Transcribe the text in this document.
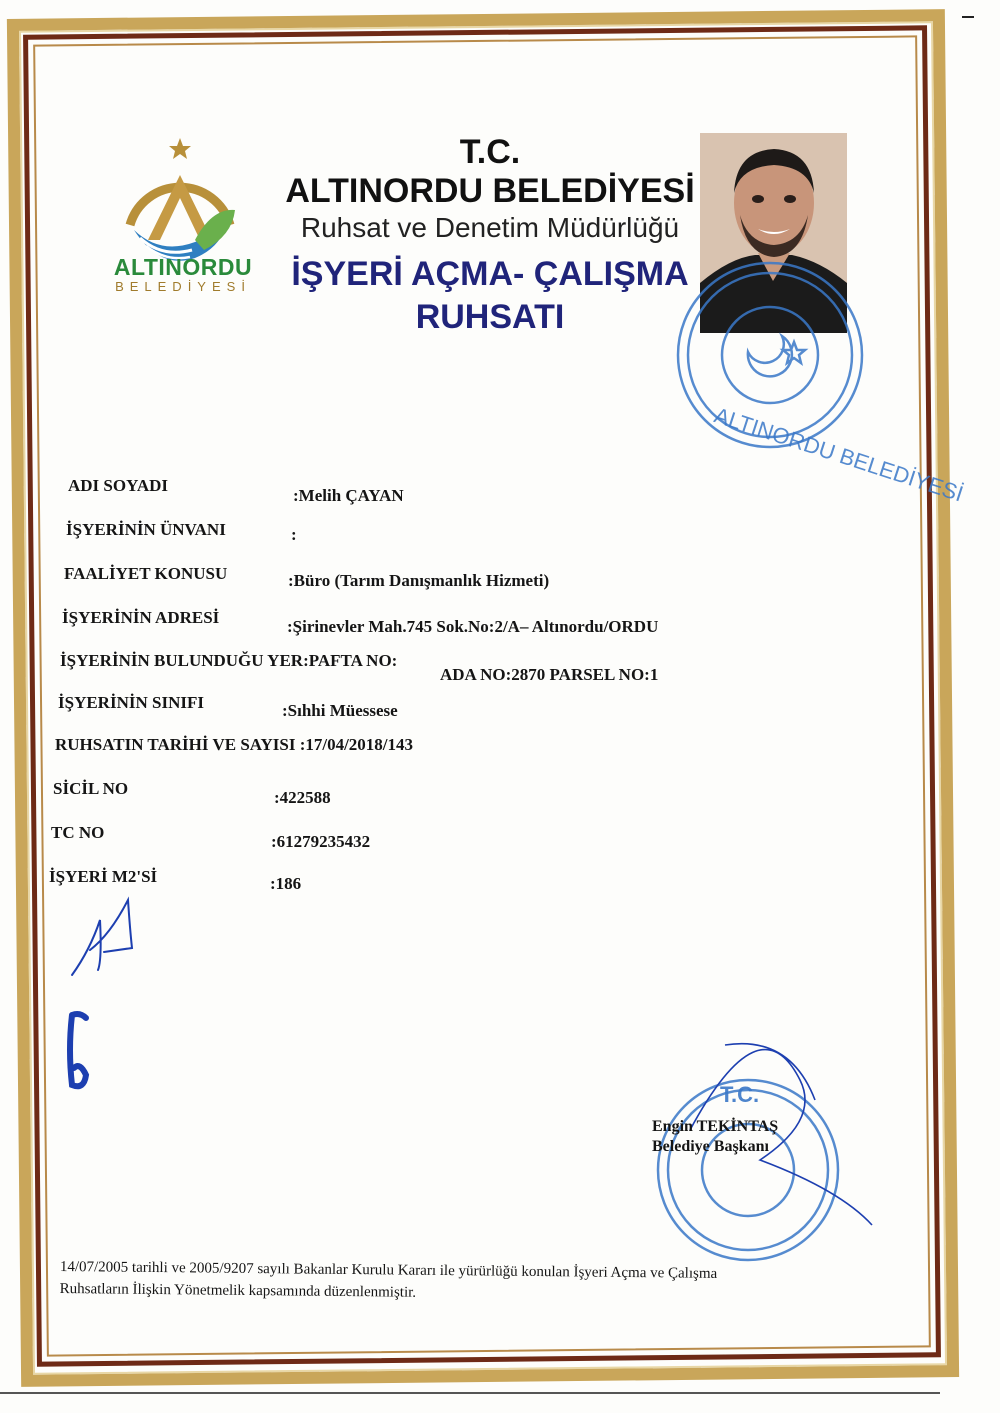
ALTINORDU
BELEDİYESİ
T.C.
ALTINORDU BELEDİYESİ
Ruhsat ve Denetim Müdürlüğü
İŞYERİ AÇMA- ÇALIŞMA
RUHSATI
ALTINORDU BELEDİYESİ
ADI SOYADI
:Melih ÇAYAN
İŞYERİNİN ÜNVANI	:
FAALİYET KONUSU	:Büro (Tarım Danışmanlık Hizmeti)
İŞYERİNİN ADRESİ	:Şirinevler Mah.745 Sok.No:2/A– Altınordu/ORDU
İŞYERİNİN BULUNDUĞU YER:PAFTA NO:
ADA NO:2870 PARSEL NO:1
İŞYERİNİN SINIFI	:Sıhhi Müessese
RUHSATIN TARİHİ VE SAYISI :17/04/2018/143
SİCİL NO	:422588
TC NO	:61279235432
İŞYERİ M2'Sİ	:186
T.C.
Engin TEKİNTAŞ
Belediye Başkanı
14/07/2005 tarihli ve 2005/9207 sayılı Bakanlar Kurulu Kararı ile yürürlüğü konulan İşyeri Açma ve Çalışma
Ruhsatların İlişkin Yönetmelik kapsamında düzenlenmiştir.
